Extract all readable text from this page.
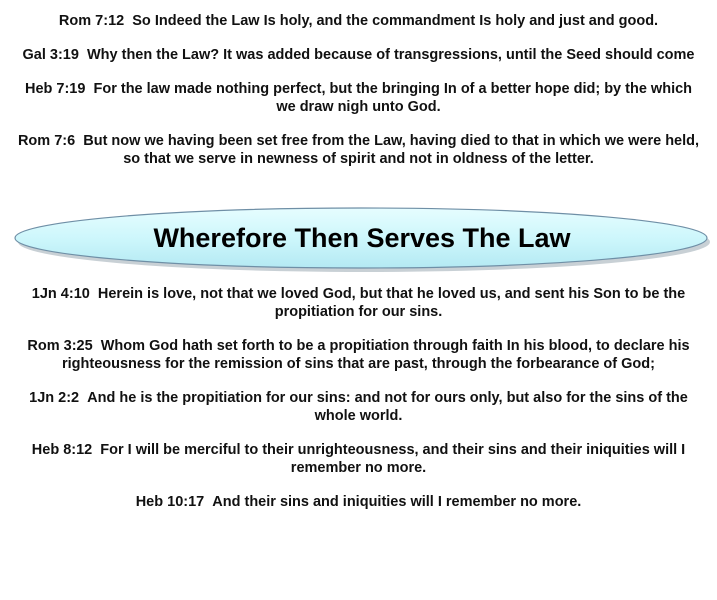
Rom 7:12 So Indeed the Law Is holy, and the commandment Is holy and just and good.

Gal 3:19 Why then the Law? It was added because of transgressions, until the Seed should come

Heb 7:19 For the law made nothing perfect, but the bringing In of a better hope did; by the which we draw nigh unto God.

Rom 7:6 But now we having been set free from the Law, having died to that in which we were held, so that we serve in newness of spirit and not in oldness of the letter.

Wherefore Then Serves The Law

1Jn 4:10 Herein is love, not that we loved God, but that he loved us, and sent his Son to be the propitiation for our sins.

Rom 3:25 Whom God hath set forth to be a propitiation through faith In his blood, to declare his righteousness for the remission of sins that are past, through the forbearance of God;

1Jn 2:2 And he is the propitiation for our sins: and not for ours only, but also for the sins of the whole world.

Heb 8:12 For I will be merciful to their unrighteousness, and their sins and their iniquities will I remember no more.

Heb 10:17 And their sins and iniquities will I remember no more.
